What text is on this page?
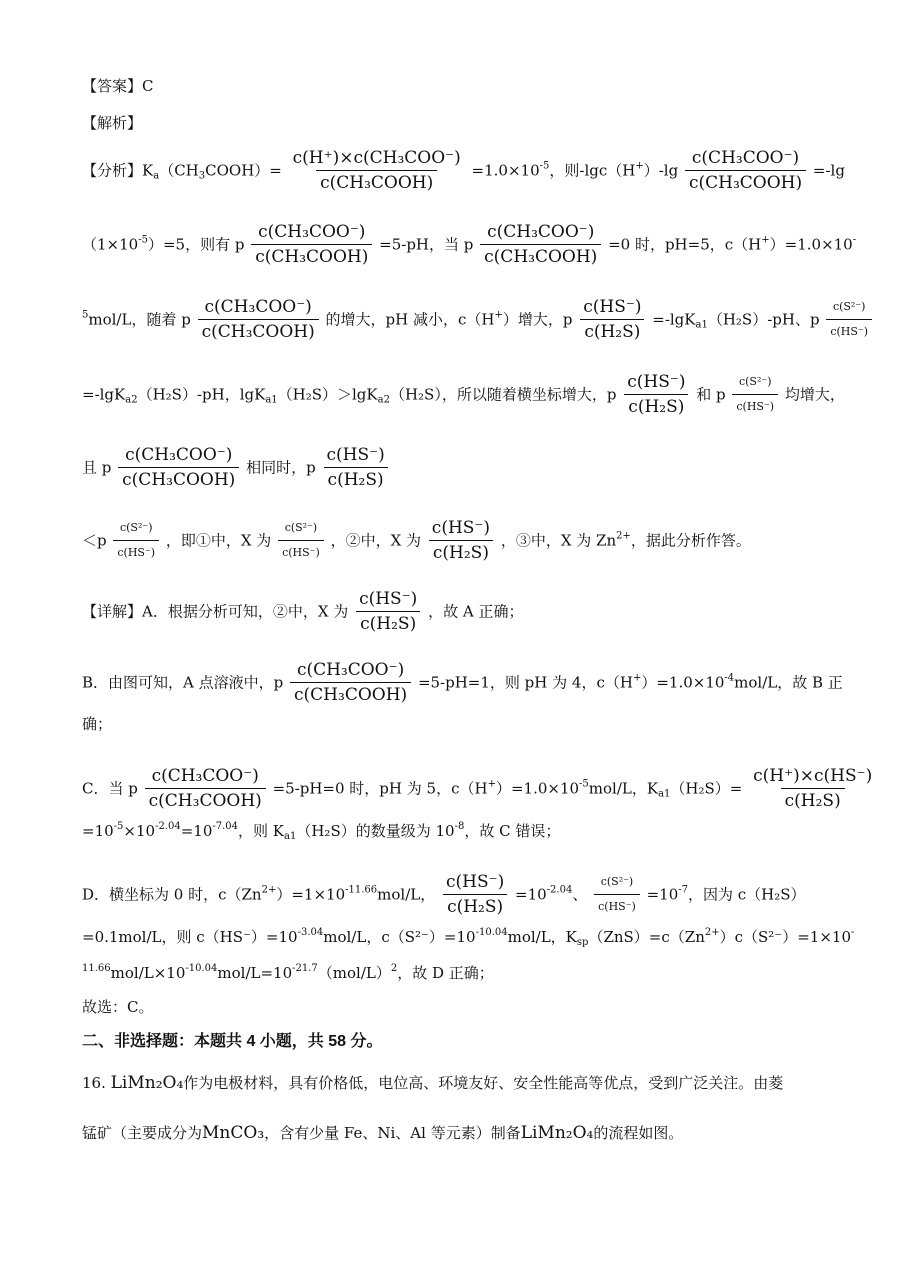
【答案】C
【解析】
【分析】$K_a(CH_3COOH)= \frac{\text{c(H⁺)×c(CH₃COO⁻)}}{\text{c(CH₃COOH)}} =1.0\times 10^{-5}$，则$-\lg c(H^+)-\lg \frac{\text{c(CH₃COO⁻)}}{\text{c(CH₃COOH)}} =-\lg$
$(1\times 10^{-5})=5$，则有 p $\frac{\text{c(CH₃COO⁻)}}{\text{c(CH₃COOH)}} =5-pH$，当 p $\frac{\text{c(CH₃COO⁻)}}{\text{c(CH₃COOH)}} =0$ 时，pH=5，c（H+）=1.0×10-
$^5$mol/L，随着 p $\frac{\text{c(CH₃COO⁻)}}{\text{c(CH₃COOH)}}$ 的增大，pH 减小，c（H+）增大，p $\frac{c(HS^-)}{\text{c(H₂S)}} =-\lg K_{a1}(H_2S)-pH$、p $\frac{\text{c(S²⁻)}}{c(HS^-)}$
=-lgK$_{a2}$（H₂S）-pH，lgK$_{a1}$（H₂S）＞lgK$_{a2}$（H₂S），所以随着横坐标增大，p $\frac{c(HS^-)}{\text{c(H₂S)}}$ 和 p $\frac{\text{c(S²⁻)}}{c(HS^-)}$ 均增大，
且 p $\frac{\text{c(CH₃COO⁻)}}{\text{c(CH₃COOH)}}$ 相同时，p $\frac{c(HS^-)}{\text{c(H₂S)}}$
$<p \frac{\text{c(S²⁻)}}{c(HS^-)}$ ，即①中，X 为 $\frac{\text{c(S²⁻)}}{c(HS^-)}$ ，②中，X 为 $\frac{c(HS^-)}{\text{c(H₂S)}}$ ，③中，X 为 $Zn^{2+}$，据此分析作答。
【详解】A．根据分析可知，②中，X 为 $\frac{c(HS^-)}{\text{c(H₂S)}}$ ，故 A 正确；
B．由图可知，A 点溶液中，p $\frac{\text{c(CH₃COO⁻)}}{\text{c(CH₃COOH)}} =5-pH=1$，则 pH 为 4，$c(H^+)=1.0\times 10^{-4}mol/L$，故 B 正
确；
C．当 p $\frac{\text{c(CH₃COO⁻)}}{\text{c(CH₃COOH)}} =5-pH=0$ 时，pH 为 5，$c(H^+)=1.0\times 10^{-5}mol/L$，$K_{a1}(H_2S)= \frac{c(H^+)\times c(HS^-)}{\text{c(H₂S)}}$
$=10^{-5}\times 10^{-2.04}=10^{-7.04}$，则 $K_{a1}(H_2S)$的数量级为 $10^{-8}$，故 C 错误；
D．横坐标为 0 时，$c(Zn^{2+})=1\times 10^{-11.66}mol/L$， $\frac{c(HS^-)}{\text{c(H₂S)}} =10^{-2.04}$、 $\frac{\text{c(S²⁻)}}{c(HS^-)} =10^{-7}$，因为 c（H₂S）
=0.1mol/L，则 $c(HS^-)=10^{-3.04}mol/L$，$c(S^{2-})=10^{-10.04}mol/L$，$K_{sp}(ZnS)=c(Zn^{2+})c(S^{2-})=1\times 10^-$
$^{11.66}mol/L\times 10^{-10.04}mol/L=10^{-21.7}(mol/L)^2$，故 D 正确；
故选：C。
二、非选择题：本题共 4 小题，共 58 分。
16. LiMn₂O₄作为电极材料，具有价格低，电位高、环境友好、安全性能高等优点，受到广泛关注。由菱
锰矿（主要成分为MnCO₃，含有少量 Fe、Ni、Al 等元素）制备LiMn₂O₄的流程如图。
